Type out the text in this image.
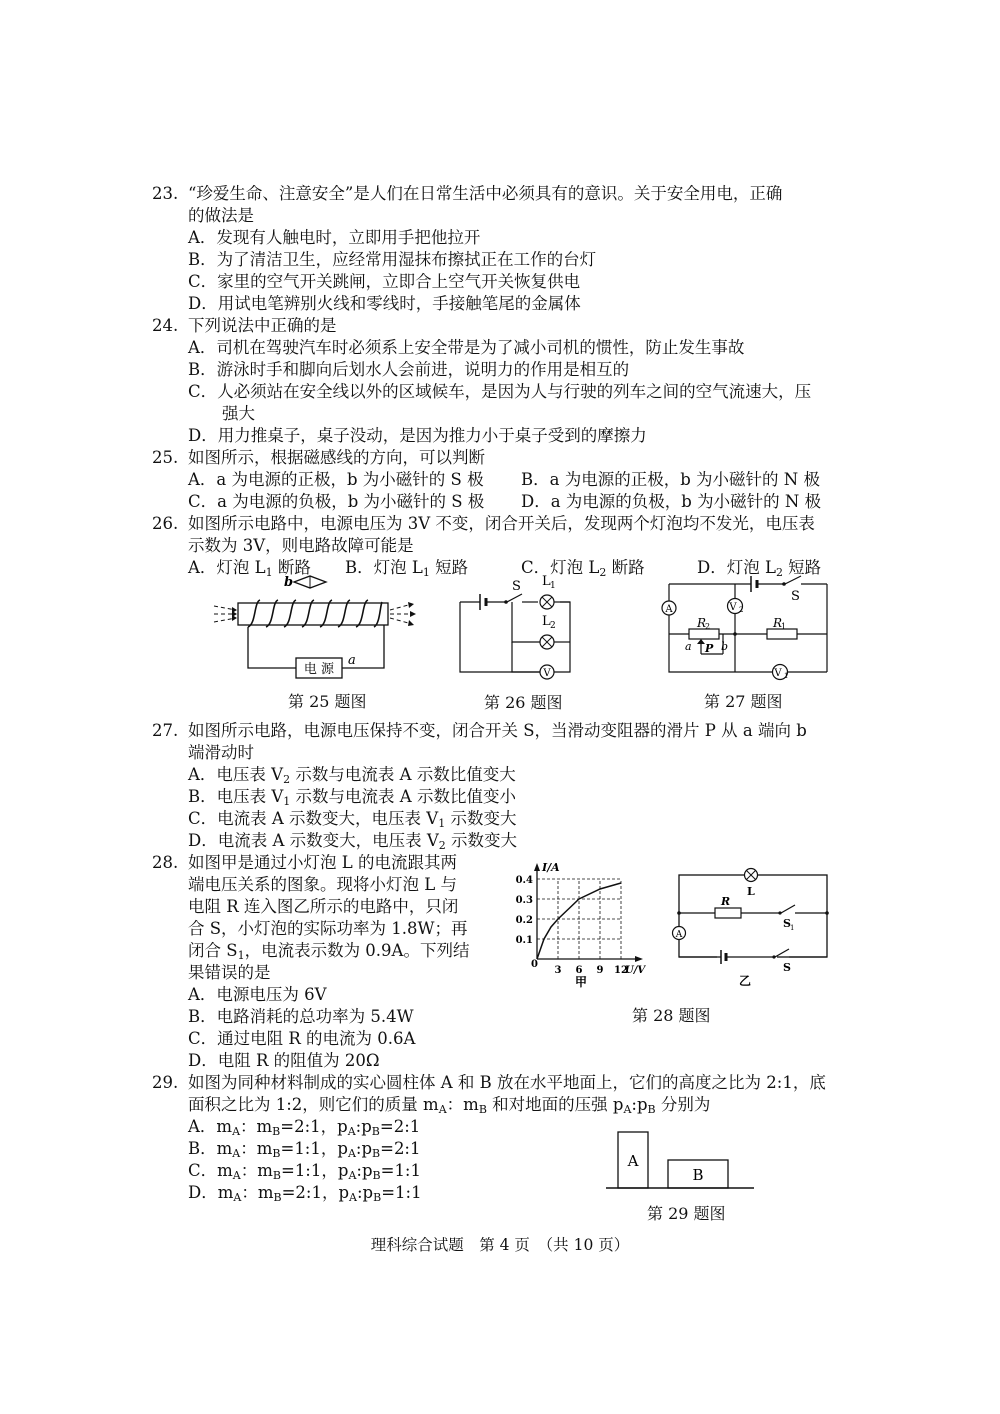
23. “珍爱生命、注意安全”是人们在日常生活中必须具有的意识。关于安全用电，正确
的做法是
A．发现有人触电时，立即用手把他拉开
B．为了清洁卫生，应经常用湿抹布擦拭正在工作的台灯
C．家里的空气开关跳闸，立即合上空气开关恢复供电
D．用试电笔辨别火线和零线时，手接触笔尾的金属体
24. 下列说法中正确的是
A．司机在驾驶汽车时必须系上安全带是为了减小司机的惯性，防止发生事故
B．游泳时手和脚向后划水人会前进，说明力的作用是相互的
C．人必须站在安全线以外的区域候车，是因为人与行驶的列车之间的空气流速大，压
强大
D．用力推桌子，桌子没动，是因为推力小于桌子受到的摩擦力
25. 如图所示，根据磁感线的方向，可以判断
A．a 为电源的正极，b 为小磁针的 S 极 B．a 为电源的正极，b 为小磁针的 N 极
C．a 为电源的负极，b 为小磁针的 S 极 D．a 为电源的负极，b 为小磁针的 N 极
26. 如图所示电路中，电源电压为 3V 不变，闭合开关后，发现两个灯泡均不发光，电压表
示数为 3V，则电路故障可能是
A．灯泡 $L_1$ 断路 B．灯泡 $L_1$ 短路	C．灯泡 $L_2$ 断路	D．灯泡 $L_2$ 短路
b
电 源
a
第 25 题图
S L 1
L 2
V
第 26 题图
S
A	V 2
R
2	R
1
a	b
P
V 1
第 27 题图
27. 如图所示电路，电源电压保持不变，闭合开关 S，当滑动变阻器的滑片 P 从 a 端向 b
端滑动时
A．电压表 $V_2$ 示数与电流表 A 示数比值变大
B．电压表 $V_1$ 示数与电流表 A 示数比值变小
C．电流表 A 示数变大，电压表 $V_1$ 示数变大
D．电流表 A 示数变大，电压表 $V_2$ 示数变大
28. 如图甲是通过小灯泡 L 的电流跟其两
端电压关系的图象。现将小灯泡 L 与
电阻 R 连入图乙所示的电路中，只闭
合 S，小灯泡的实际功率为 1.8W；再
闭合 $S_1$，电流表示数为 0.9A。下列结
果错误的是
A．电源电压为 6V
B．电路消耗的总功率为 5.4W
C．通过电阻 R 的电流为 0.6A
D．电阻 R 的阻值为 20Ω
I/A
U/V
0
0.4
0.3
0.2
0.1
3 6 9 12
甲
L
R
S 1
A
S
乙
第 28 题图
29. 如图为同种材料制成的实心圆柱体 A 和 B 放在水平地面上，它们的高度之比为 2:1，底
面积之比为 1:2，则它们的质量 $m_A$：$m_B$ 和对地面的压强 $p_A:p_B$ 分别为
A．$m_A$：$m_B=2:1$，$p_A:p_B=2:1$
B．$m_A$：$m_B=1:1$，$p_A:p_B=2:1$
C．$m_A$：$m_B=1:1$，$p_A:p_B=1:1$
D．$m_A$：$m_B=2:1$，$p_A:p_B=1:1$
A
B
第 29 题图
理科综合试题　第 4 页　（共 10 页）
